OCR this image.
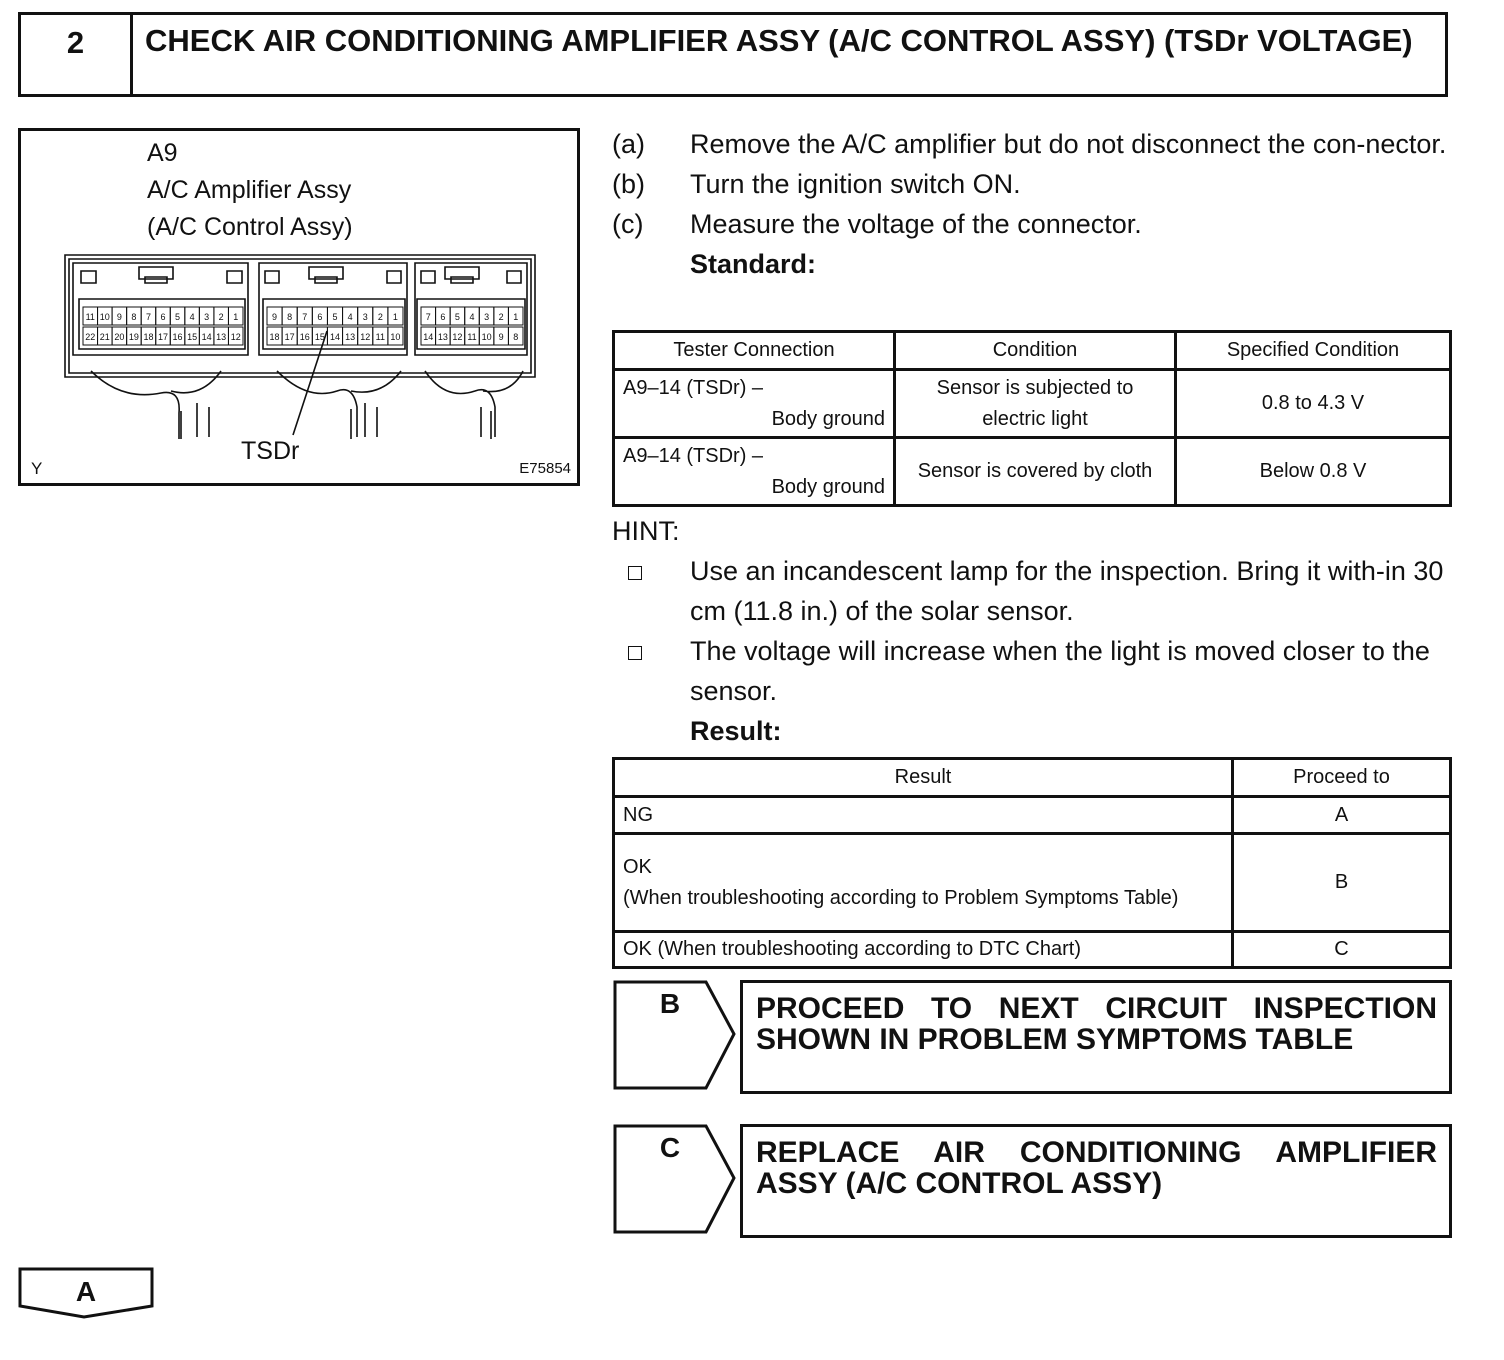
2	CHECK AIR CONDITIONING AMPLIFIER ASSY (A/C CONTROL ASSY) (TSDr VOLTAGE)
A9
A/C Amplifier Assy
(A/C Control Assy)
11 10 9 8 7 6 5 4 3 2 1
22 21 20 19 18 17 16 15 14 13 12
9 8 7 6 5 4 3 2 1
18 17 16 15 14 13 12 11 10
7 6 5 4 3 2 1
14 13 12 11 10 9 8
TSDr
Y	E75854
(a)	Remove the A/C amplifier but do not disconnect the con-nector.
(b)	Turn the ignition switch ON.
(c)	Measure the voltage of the connector.
Standard:
Tester Connection	Condition	Specified Condition

A9–14 (TSDr) –
Body ground	Sensor is subjected to electric light	0.8 to 4.3 V

A9–14 (TSDr) –
Body ground	Sensor is covered by cloth	Below 0.8 V
HINT:
Use an incandescent lamp for the inspection. Bring it with-in 30 cm (11.8 in.) of the solar sensor.
The voltage will increase when the light is moved closer to the sensor.
Result:
Result	Proceed to
NG	A
OK
(When troubleshooting according to Problem Symptoms Table)	B
OK (When troubleshooting according to DTC Chart)	C
B	PROCEED TO NEXT CIRCUIT INSPECTION SHOWN IN PROBLEM SYMPTOMS TABLE
C	REPLACE AIR CONDITIONING AMPLIFIER ASSY (A/C CONTROL ASSY)
A
